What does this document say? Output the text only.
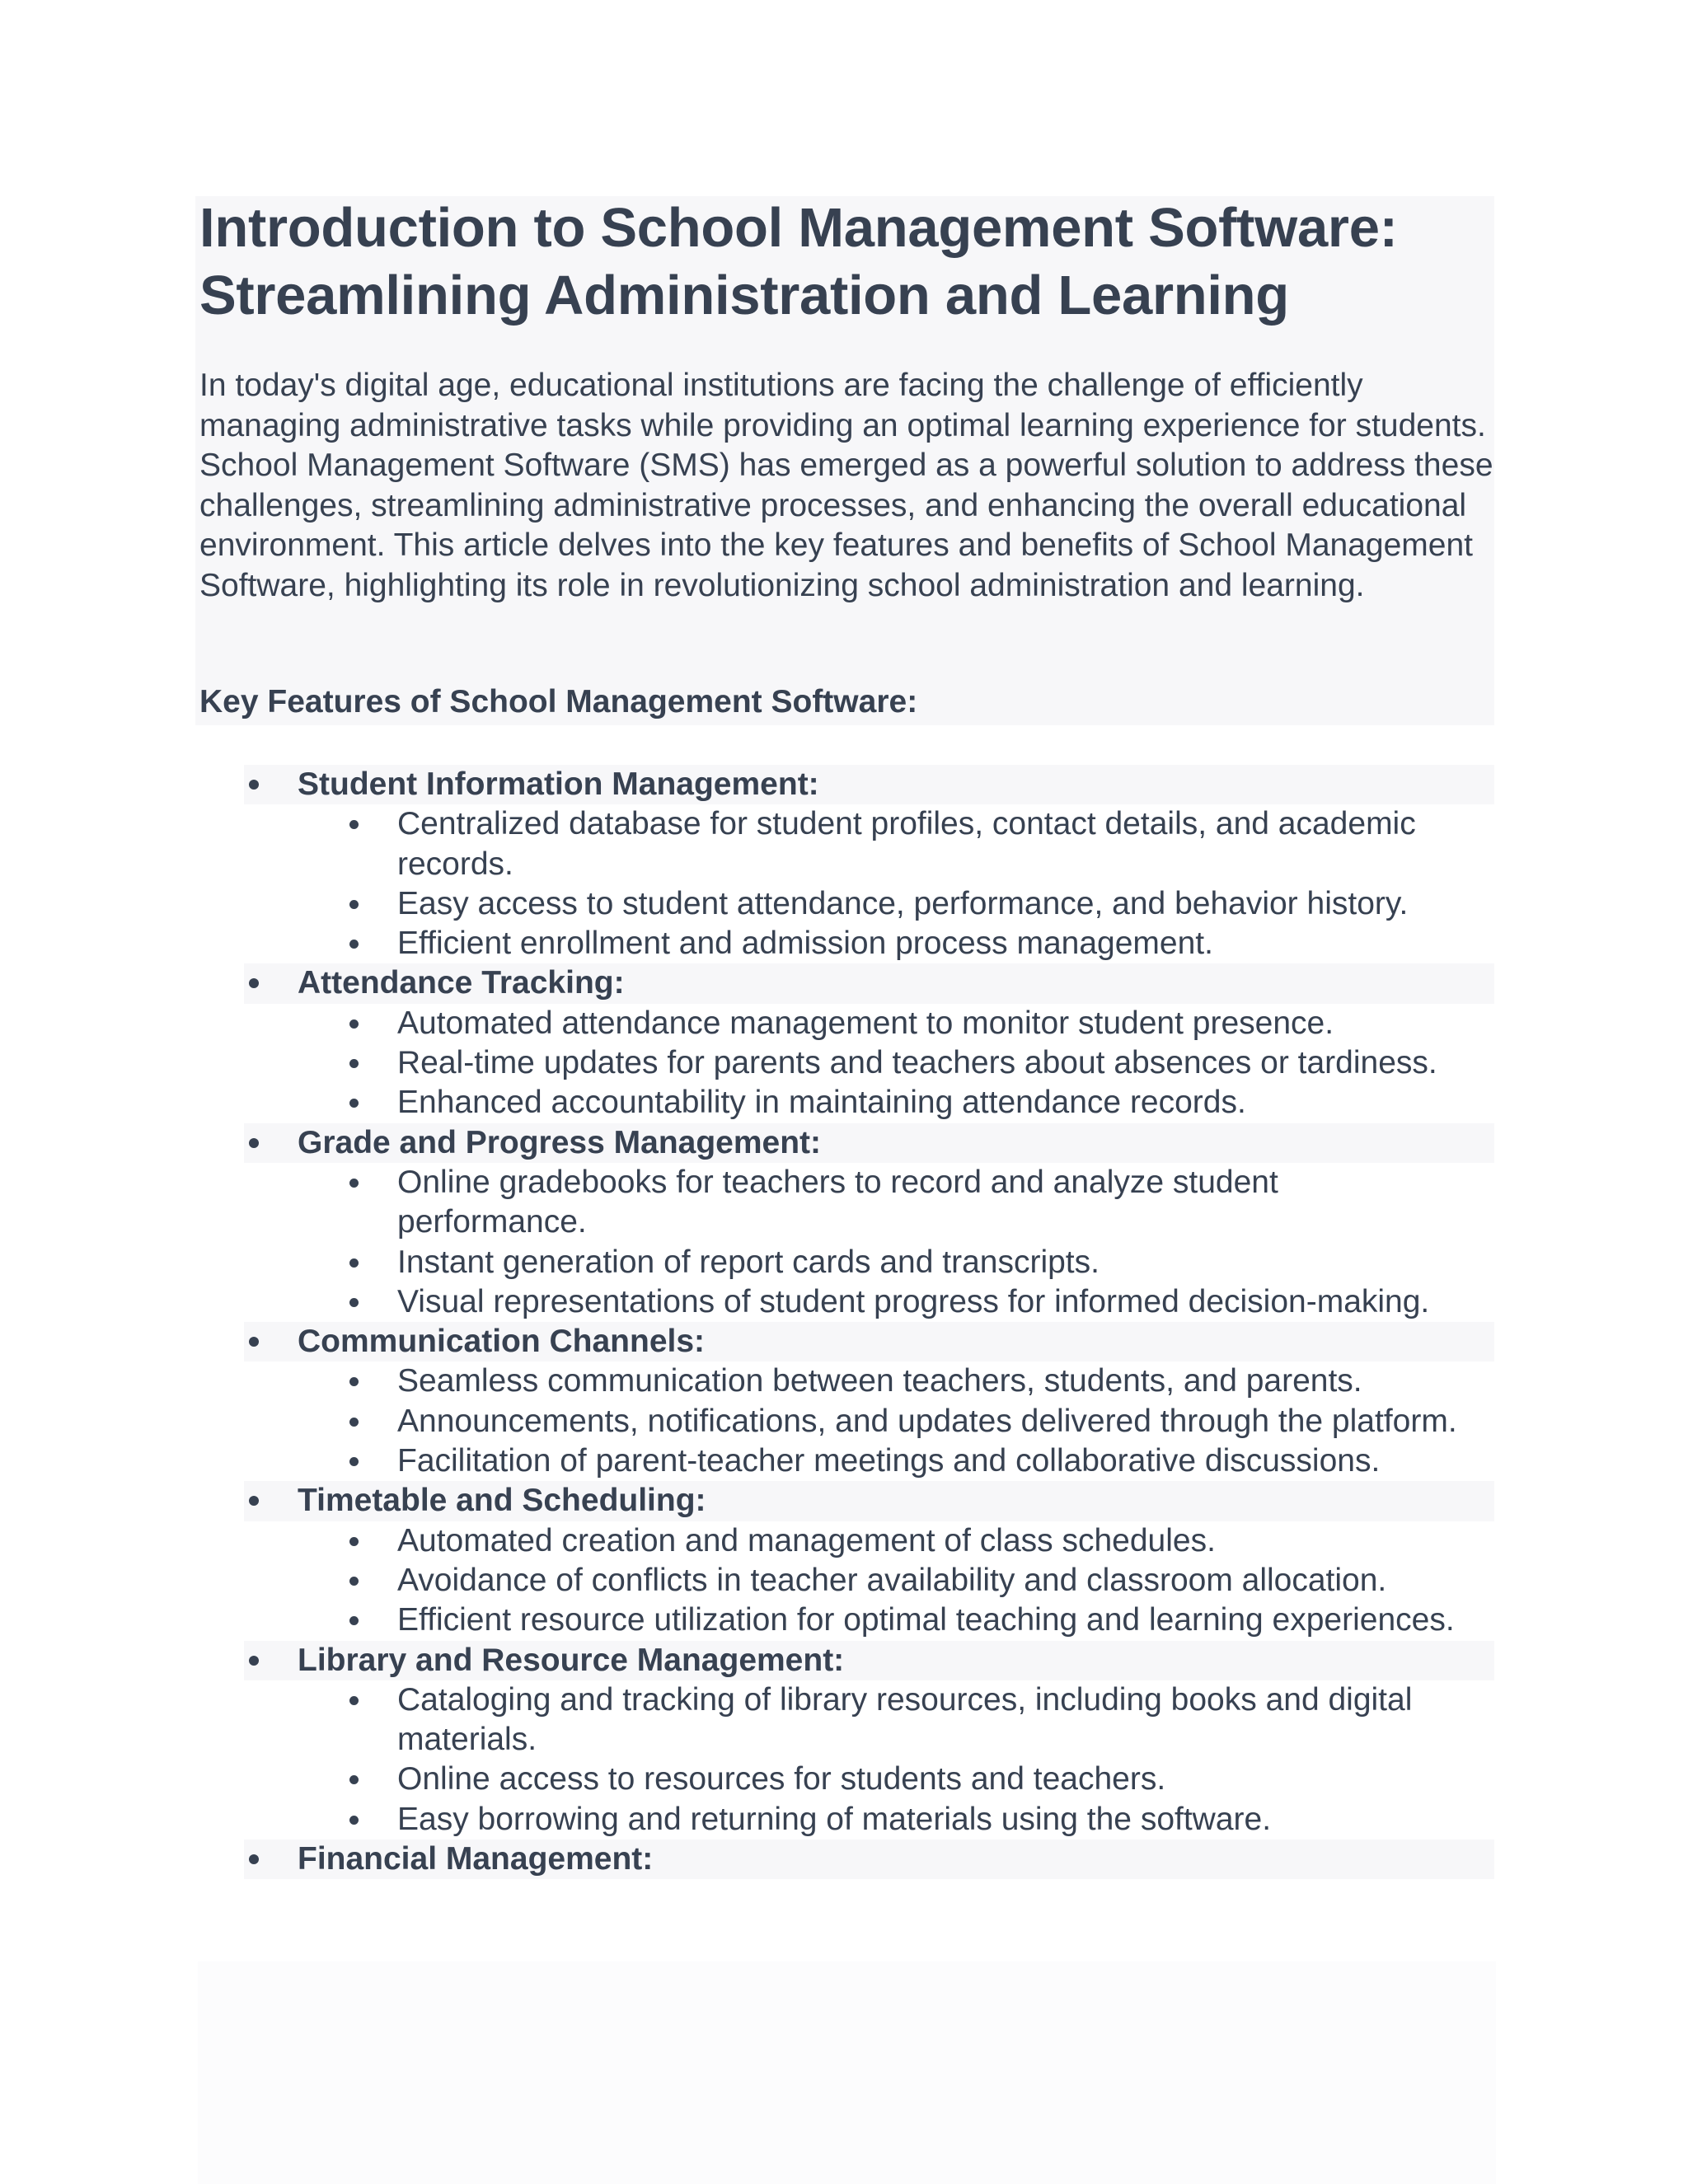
Introduction to School Management Software:
Streamlining Administration and Learning

In today's digital age, educational institutions are facing the challenge of efficiently managing administrative tasks while providing an optimal learning experience for students. School Management Software (SMS) has emerged as a powerful solution to address these challenges, streamlining administrative processes, and enhancing the overall educational environment. This article delves into the key features and benefits of School Management Software, highlighting its role in revolutionizing school administration and learning.

Key Features of School Management Software:
Student Information Management:
Centralized database for student profiles, contact details, and academic records.
Easy access to student attendance, performance, and behavior history.
Efficient enrollment and admission process management.
Attendance Tracking:
Automated attendance management to monitor student presence.
Real-time updates for parents and teachers about absences or tardiness.
Enhanced accountability in maintaining attendance records.
Grade and Progress Management:
Online gradebooks for teachers to record and analyze student performance.
Instant generation of report cards and transcripts.
Visual representations of student progress for informed decision-making.
Communication Channels:
Seamless communication between teachers, students, and parents.
Announcements, notifications, and updates delivered through the platform.
Facilitation of parent-teacher meetings and collaborative discussions.
Timetable and Scheduling:
Automated creation and management of class schedules.
Avoidance of conflicts in teacher availability and classroom allocation.
Efficient resource utilization for optimal teaching and learning experiences.
Library and Resource Management:
Cataloging and tracking of library resources, including books and digital materials.
Online access to resources for students and teachers.
Easy borrowing and returning of materials using the software.
Financial Management:
